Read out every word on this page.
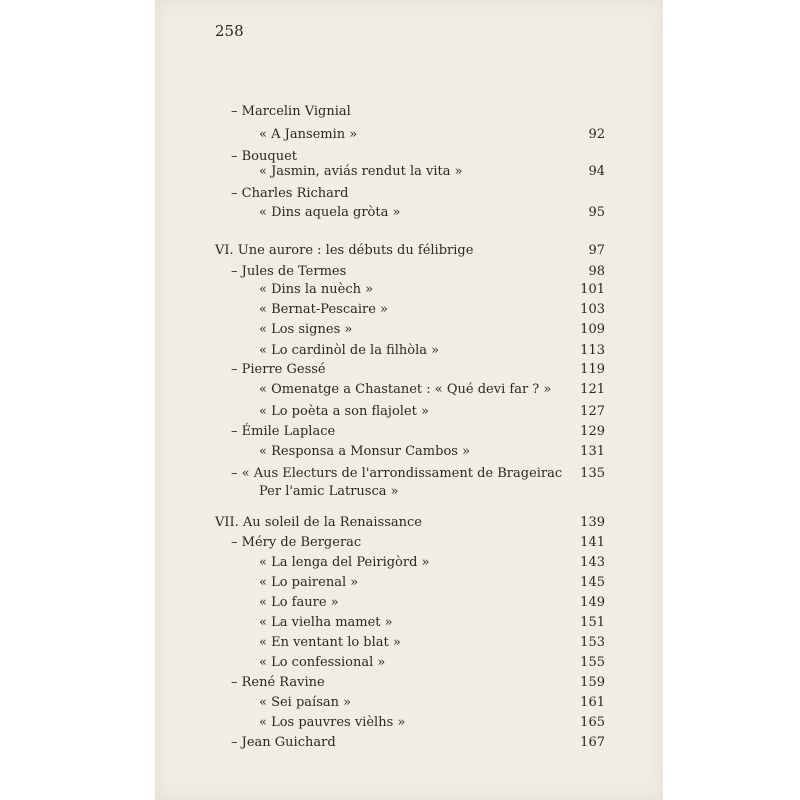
258
– Marcelin Vignial
« A Jansemin »	92
– Bouquet
« Jasmin, aviás rendut la vita »	94
– Charles Richard
« Dins aquela gròta »	95
VI. Une aurore : les débuts du félibrige	97
– Jules de Termes	98
« Dins la nuèch »	101
« Bernat-Pescaire »	103
« Los signes »	109
« Lo cardinòl de la filhòla »	113
– Pierre Gessé	119
« Omenatge a Chastanet : « Qué devi far ? » 121
« Lo poèta a son flajolet »	127
– Émile Laplace	129
« Responsa a Monsur Cambos »	131
– « Aus Electurs de l'arrondissament de Bragеirac 135
Per l'amic Latrusca »
VII. Au soleil de la Renaissance	139
– Méry de Bergerac	141
« La lenga del Peirigòrd »	143
« Lo pairenal »	145
« Lo faure »	149
« La vielha mamet »	151
« En ventant lo blat »	153
« Lo confessional »	155
– René Ravine	159
« Sei paísan »	161
« Los pauvres vièlhs »	165
– Jean Guichard	167
